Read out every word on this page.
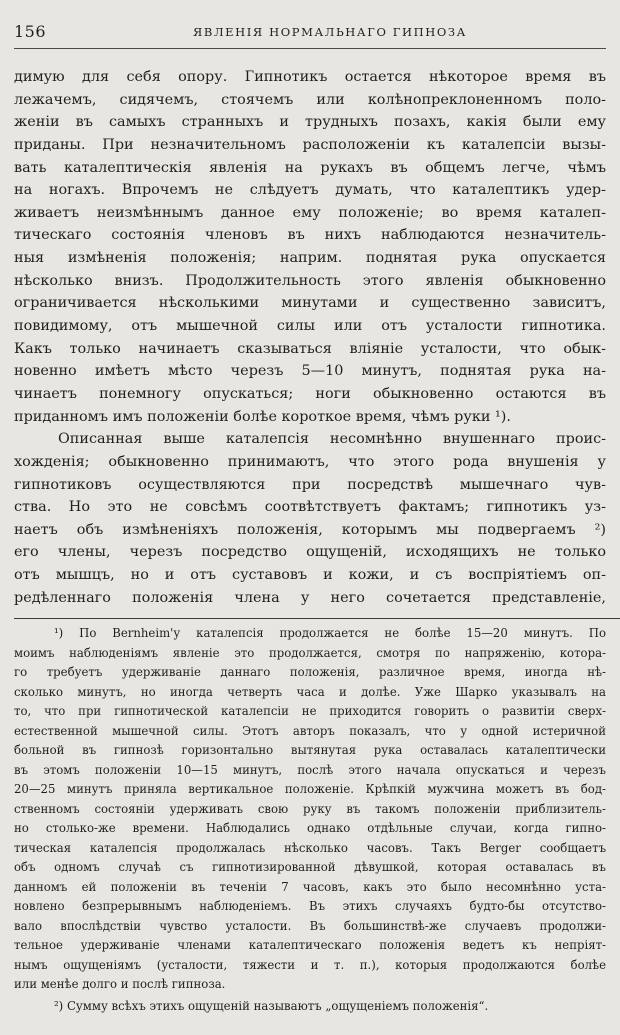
156	ЯВЛЕНІЯ НОРМАЛЬНАГО ГИПНОЗА
димую для себя опору. Гипнотикъ остается нѣкоторое время въ
лежачемъ, сидячемъ, стоячемъ или колѣнопреклоненномъ поло-
женіи въ самыхъ странныхъ и трудныхъ позахъ, какія были ему
приданы. При незначительномъ расположеніи къ каталепсіи вызы-
вать каталептическія явленія на рукахъ въ общемъ легче, чѣмъ
на ногахъ. Впрочемъ не слѣдуетъ думать, что каталептикъ удер-
живаетъ неизмѣннымъ данное ему положеніе; во время каталеп-
тическаго состоянія членовъ въ нихъ наблюдаются незначитель-
ныя измѣненія положенія; наприм. поднятая рука опускается
нѣсколько внизъ. Продолжительность этого явленія обыкновенно
ограничивается нѣсколькими минутами и существенно зависитъ,
повидимому, отъ мышечной силы или отъ усталости гипнотика.
Какъ только начинаетъ сказываться вліяніе усталости, что обык-
новенно имѣетъ мѣсто черезъ 5—10 минутъ, поднятая рука на-
чинаетъ понемногу опускаться; ноги обыкновенно остаются въ
приданномъ имъ положеніи болѣе короткое время, чѣмъ руки ¹).
Описанная выше каталепсія несомнѣнно внушеннаго проис-
хожденія; обыкновенно принимаютъ, что этого рода внушенія у
гипнотиковъ осуществляются при посредствѣ мышечнаго чув-
ства. Но это не совсѣмъ соотвѣтствуетъ фактамъ; гипнотикъ уз-
наетъ объ измѣненіяхъ положенія, которымъ мы подвергаемъ ²)
его члены, черезъ посредство ощущеній, исходящихъ не только
отъ мышцъ, но и отъ суставовъ и кожи, и съ воспріятіемъ оп-
редѣленнаго положенія члена у него сочетается представленіе,
¹) По Bernheim'у каталепсія продолжается не болѣе 15—20 минутъ. По
моимъ наблюденіямъ явленіе это продолжается, смотря по напряженію, котора-
го требуетъ удерживаніе даннаго положенія, различное время, иногда нѣ-
сколько минутъ, но иногда четверть часа и долѣе. Уже Шарко указывалъ на
то, что при гипнотической каталепсіи не приходится говорить о развитіи сверх-
естественной мышечной силы. Этотъ авторъ показалъ, что у одной истеричной
больной въ гипнозѣ горизонтально вытянутая рука оставалась каталептически
въ этомъ положеніи 10—15 минутъ, послѣ этого начала опускаться и черезъ
20—25 минутъ приняла вертикальное положеніе. Крѣпкій мужчина можетъ въ бод-
ственномъ состояніи удерживать свою руку въ такомъ положеніи приблизитель-
но столько-же времени. Наблюдались однако отдѣльные случаи, когда гипно-
тическая каталепсія продолжалась нѣсколько часовъ. Такъ Berger сообщаетъ
объ одномъ случаѣ съ гипнотизированной дѣвушкой, которая оставалась въ
данномъ ей положеніи въ теченіи 7 часовъ, какъ это было несомнѣнно уста-
новлено безпрерывнымъ наблюденіемъ. Въ этихъ случаяхъ будто-бы отсутство-
вало впослѣдствіи чувство усталости. Въ большинствѣ-же случаевъ продолжи-
тельное удерживаніе членами каталептическаго положенія ведетъ къ непріят-
нымъ ощущеніямъ (усталости, тяжести и т. п.), которыя продолжаются болѣе
или менѣе долго и послѣ гипноза.
²) Сумму всѣхъ этихъ ощущеній называютъ „ощущеніемъ положенія“.
